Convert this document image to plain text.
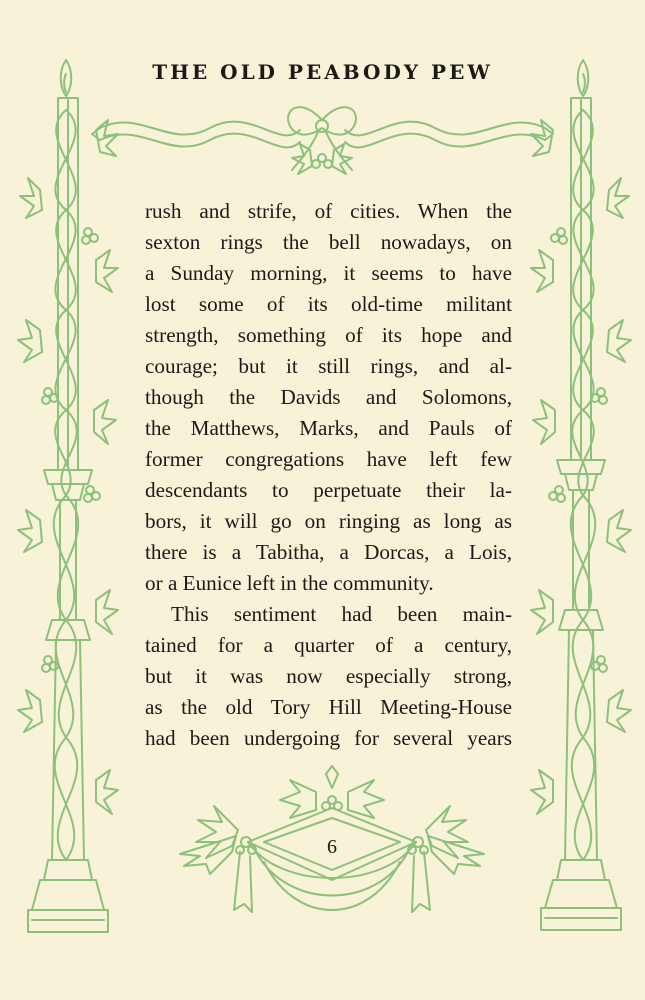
THE OLD PEABODY PEW
rush and strife, of cities. When the
sexton rings the bell nowadays, on
a Sunday morning, it seems to have
lost some of its old-time militant
strength, something of its hope and
courage; but it still rings, and al-
though the Davids and Solomons,
the Matthews, Marks, and Pauls of
former congregations have left few
descendants to perpetuate their la-
bors, it will go on ringing as long as
there is a Tabitha, a Dorcas, a Lois,
or a Eunice left in the community.
This sentiment had been main-
tained for a quarter of a century,
but it was now especially strong,
as the old Tory Hill Meeting-House
had been undergoing for several years
6
